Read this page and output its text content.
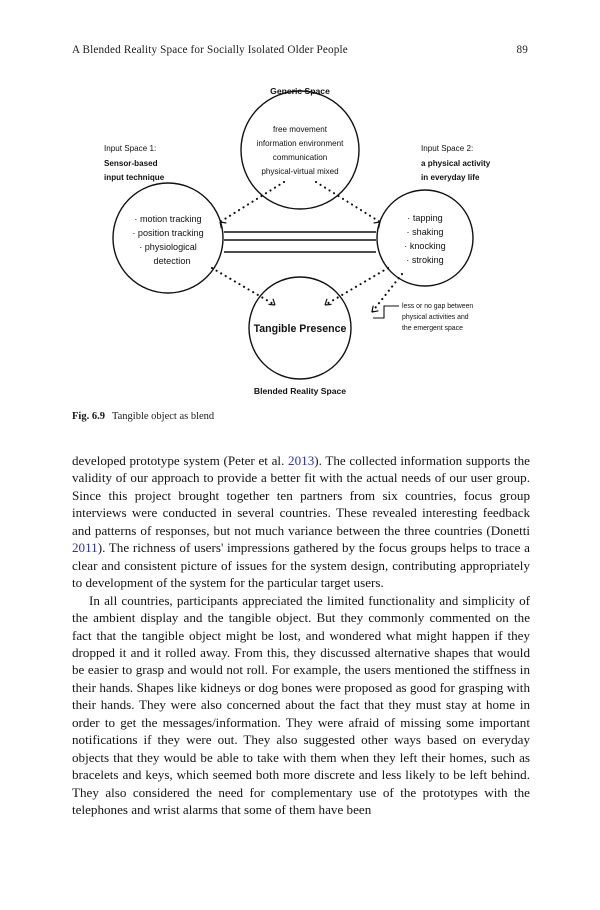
A Blended Reality Space for Socially Isolated Older People	89
Generic Space
free movement
information environment
communication
physical-virtual mixed
· motion tracking
· position tracking
· physiological
detection
Input Space 1:
Sensor-based
input technique
· tapping
· shaking
· knocking
· stroking
Input Space 2:
a physical activity
in everyday life
Tangible Presence
Blended Reality Space
less or no gap between
physical activities and
the emergent space
Fig. 6.9 Tangible object as blend

developed prototype system (Peter et al. 2013). The collected information supports the validity of our approach to provide a better fit with the actual needs of our user group. Since this project brought together ten partners from six countries, focus group interviews were conducted in several countries. These revealed interesting feedback and patterns of responses, but not much variance between the three countries (Donetti 2011). The richness of users' impressions gathered by the focus groups helps to trace a clear and consistent picture of issues for the system design, contributing appropriately to development of the system for the particular target users.

In all countries, participants appreciated the limited functionality and simplicity of the ambient display and the tangible object. But they commonly commented on the fact that the tangible object might be lost, and wondered what might happen if they dropped it and it rolled away. From this, they discussed alternative shapes that would be easier to grasp and would not roll. For example, the users mentioned the stiffness in their hands. Shapes like kidneys or dog bones were proposed as good for grasping with their hands. They were also concerned about the fact that they must stay at home in order to get the messages/information. They were afraid of missing some important notifications if they were out. They also suggested other ways based on everyday objects that they would be able to take with them when they left their homes, such as bracelets and keys, which seemed both more discrete and less likely to be left behind. They also considered the need for complementary use of the prototypes with the telephones and wrist alarms that some of them have been
